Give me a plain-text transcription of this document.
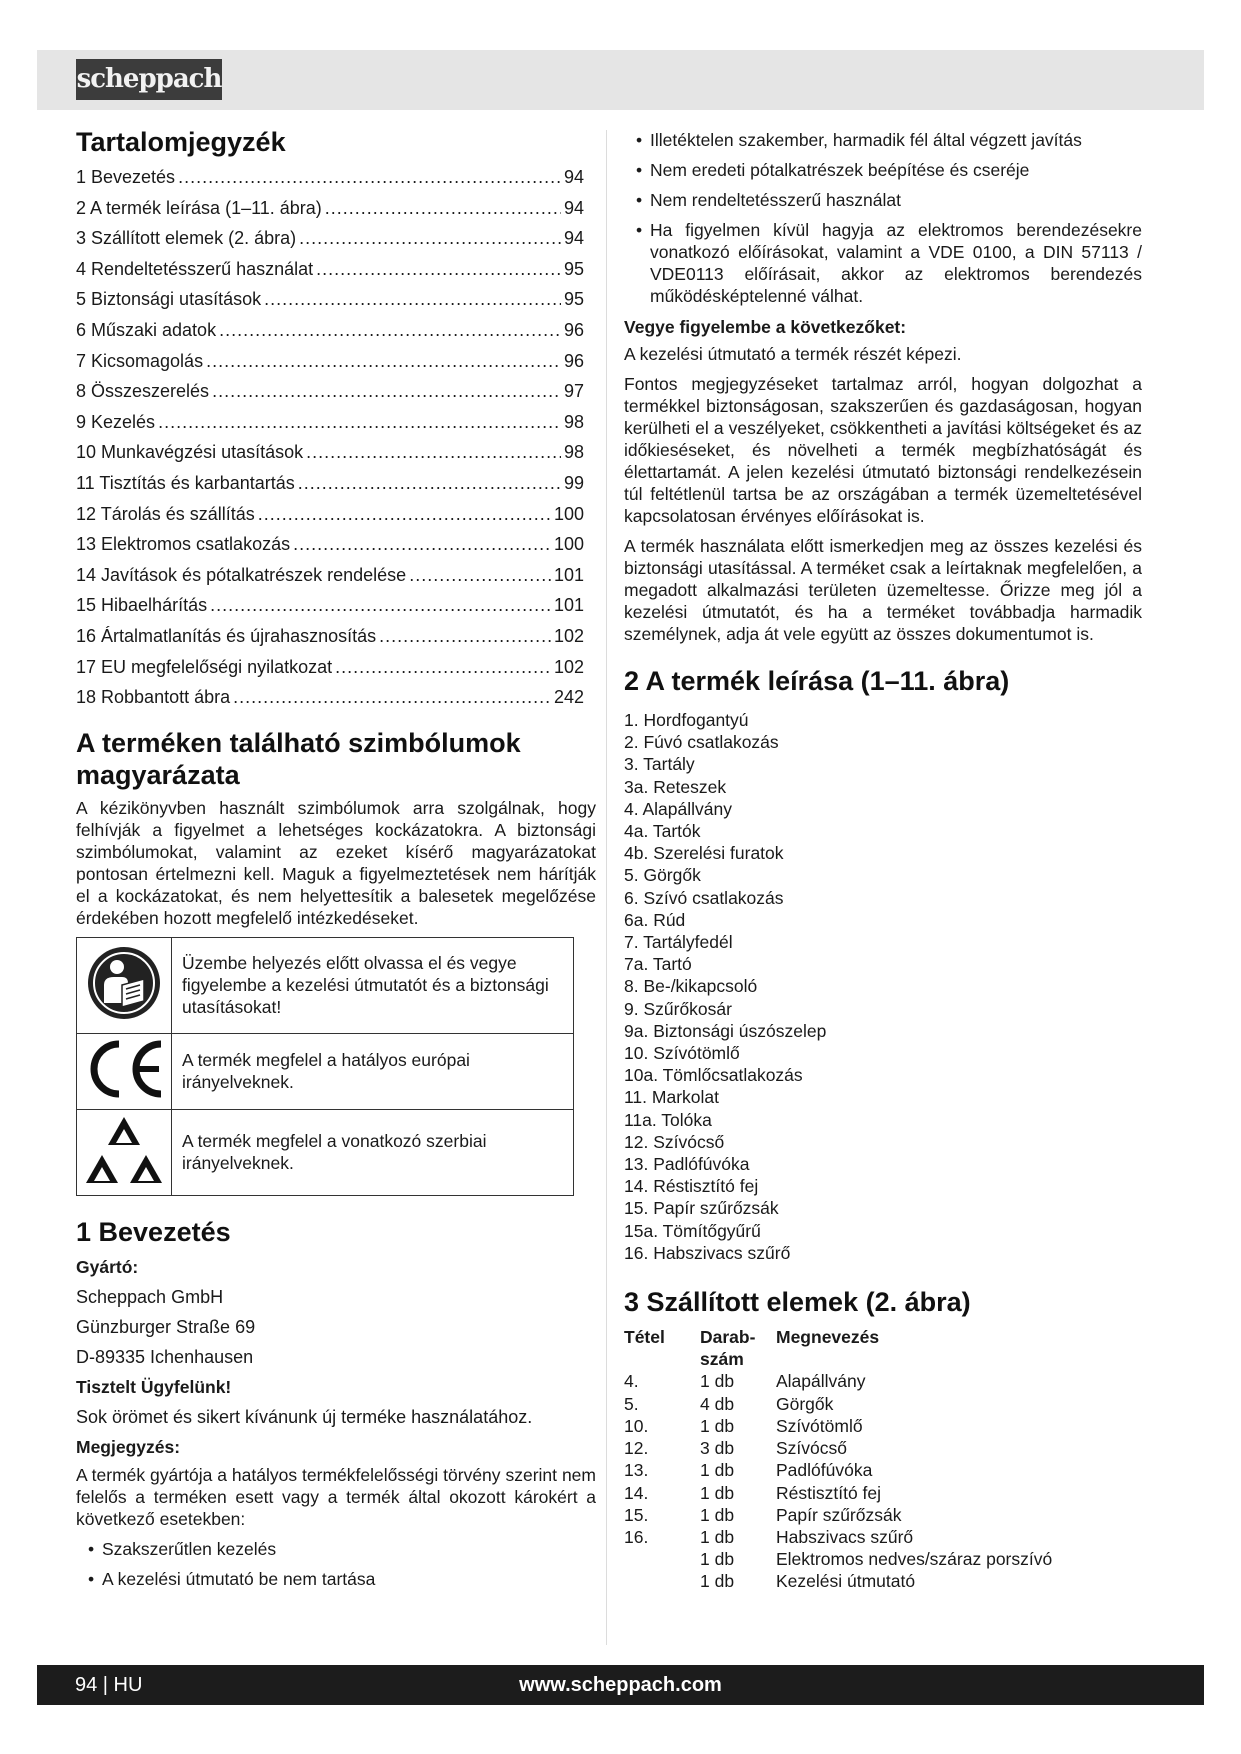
scheppach
Tartalomjegyzék
1 Bevezetés .....	94
2 A termék leírása (1–11. ábra) .....	94
3 Szállított elemek (2. ábra) .....	94
4 Rendeltetésszerű használat .....	95
5 Biztonsági utasítások .....	95
6 Műszaki adatok .....	96
7 Kicsomagolás .....	96
8 Összeszerelés .....	97
9 Kezelés .....	98
10 Munkavégzési utasítások .....	98
11 Tisztítás és karbantartás .....	99
12 Tárolás és szállítás .....	100
13 Elektromos csatlakozás .....	100
14 Javítások és pótalkatrészek rendelése .....	101
15 Hibaelhárítás .....	101
16 Ártalmatlanítás és újrahasznosítás .....	102
17 EU megfelelőségi nyilatkozat .....	102
18 Robbantott ábra .....	242
A terméken található szimbólumok magyarázata

A kézikönyvben használt szimbólumok arra szolgálnak, hogy felhívják a figyelmet a lehetséges kockázatokra. A biztonsági szimbólumokat, valamint az ezeket kísérő magyarázatokat pontosan értelmezni kell. Maguk a figyelmeztetések nem hárítják el a kockázatokat, és nem helyettesítik a balesetek megelőzése érdekében hozott megfelelő intézkedéseket.

	Üzembe helyezés előtt olvassa el és vegye figyelembe a kezelési útmutatót és a biztonsági utasításokat!
	A termék megfelel a hatályos európai irányelveknek.
	A termék megfelel a vonatkozó szerbiai irányelveknek.
1 Bevezetés

Gyártó:

Scheppach GmbH

Günzburger Straße 69

D-89335 Ichenhausen

Tisztelt Ügyfelünk!

Sok örömet és sikert kívánunk új terméke használatához.

Megjegyzés:

A termék gyártója a hatályos termékfelelősségi törvény szerint nem felelős a terméken esett vagy a termék által okozott károkért a következő esetekben:

• Szakszerűtlen kezelés
• A kezelési útmutató be nem tartása
• Illetéktelen szakember, harmadik fél által végzett javítás
• Nem eredeti pótalkatrészek beépítése és cseréje
• Nem rendeltetésszerű használat
• Ha figyelmen kívül hagyja az elektromos berendezésekre vonatkozó előírásokat, valamint a VDE 0100, a DIN 57113 / VDE0113 előírásait, akkor az elektromos berendezés működésképtelenné válhat.

Vegye figyelembe a következőket:

A kezelési útmutató a termék részét képezi.

Fontos megjegyzéseket tartalmaz arról, hogyan dolgozhat a termékkel biztonságosan, szakszerűen és gazdaságosan, hogyan kerülheti el a veszélyeket, csökkentheti a javítási költségeket és az időkieséseket, és növelheti a termék megbízhatóságát és élettartamát. A jelen kezelési útmutató biztonsági rendelkezésein túl feltétlenül tartsa be az országában a termék üzemeltetésével kapcsolatosan érvényes előírásokat is.

A termék használata előtt ismerkedjen meg az összes kezelési és biztonsági utasítással. A terméket csak a leírtaknak megfelelően, a megadott alkalmazási területen üzemeltesse. Őrizze meg jól a kezelési útmutatót, és ha a terméket továbbadja harmadik személynek, adja át vele együtt az összes dokumentumot is.

2 A termék leírása (1–11. ábra)
1. Hordfogantyú
2. Fúvó csatlakozás
3. Tartály
3a. Reteszek
4. Alapállvány
4a. Tartók
4b. Szerelési furatok
5. Görgők
6. Szívó csatlakozás
6a. Rúd
7. Tartályfedél
7a. Tartó
8. Be-/kikapcsoló
9. Szűrőkosár
9a. Biztonsági úszószelep
10. Szívótömlő
10a. Tömlőcsatlakozás
11. Markolat
11a. Tolóka
12. Szívócső
13. Padlófúvóka
14. Réstisztító fej
15. Papír szűrőzsák
15a. Tömítőgyűrű
16. Habszivacs szűrő
3 Szállított elemek (2. ábra)
Tétel	Darab-szám	Megnevezés
4.	1 db	Alapállvány
5.	4 db	Görgők
10.	1 db	Szívótömlő
12.	3 db	Szívócső
13.	1 db	Padlófúvóka
14.	1 db	Réstisztító fej
15.	1 db	Papír szűrőzsák
16.	1 db	Habszivacs szűrő
	1 db	Elektromos nedves/száraz porszívó
	1 db	Kezelési útmutató
94 | HU	www.scheppach.com
